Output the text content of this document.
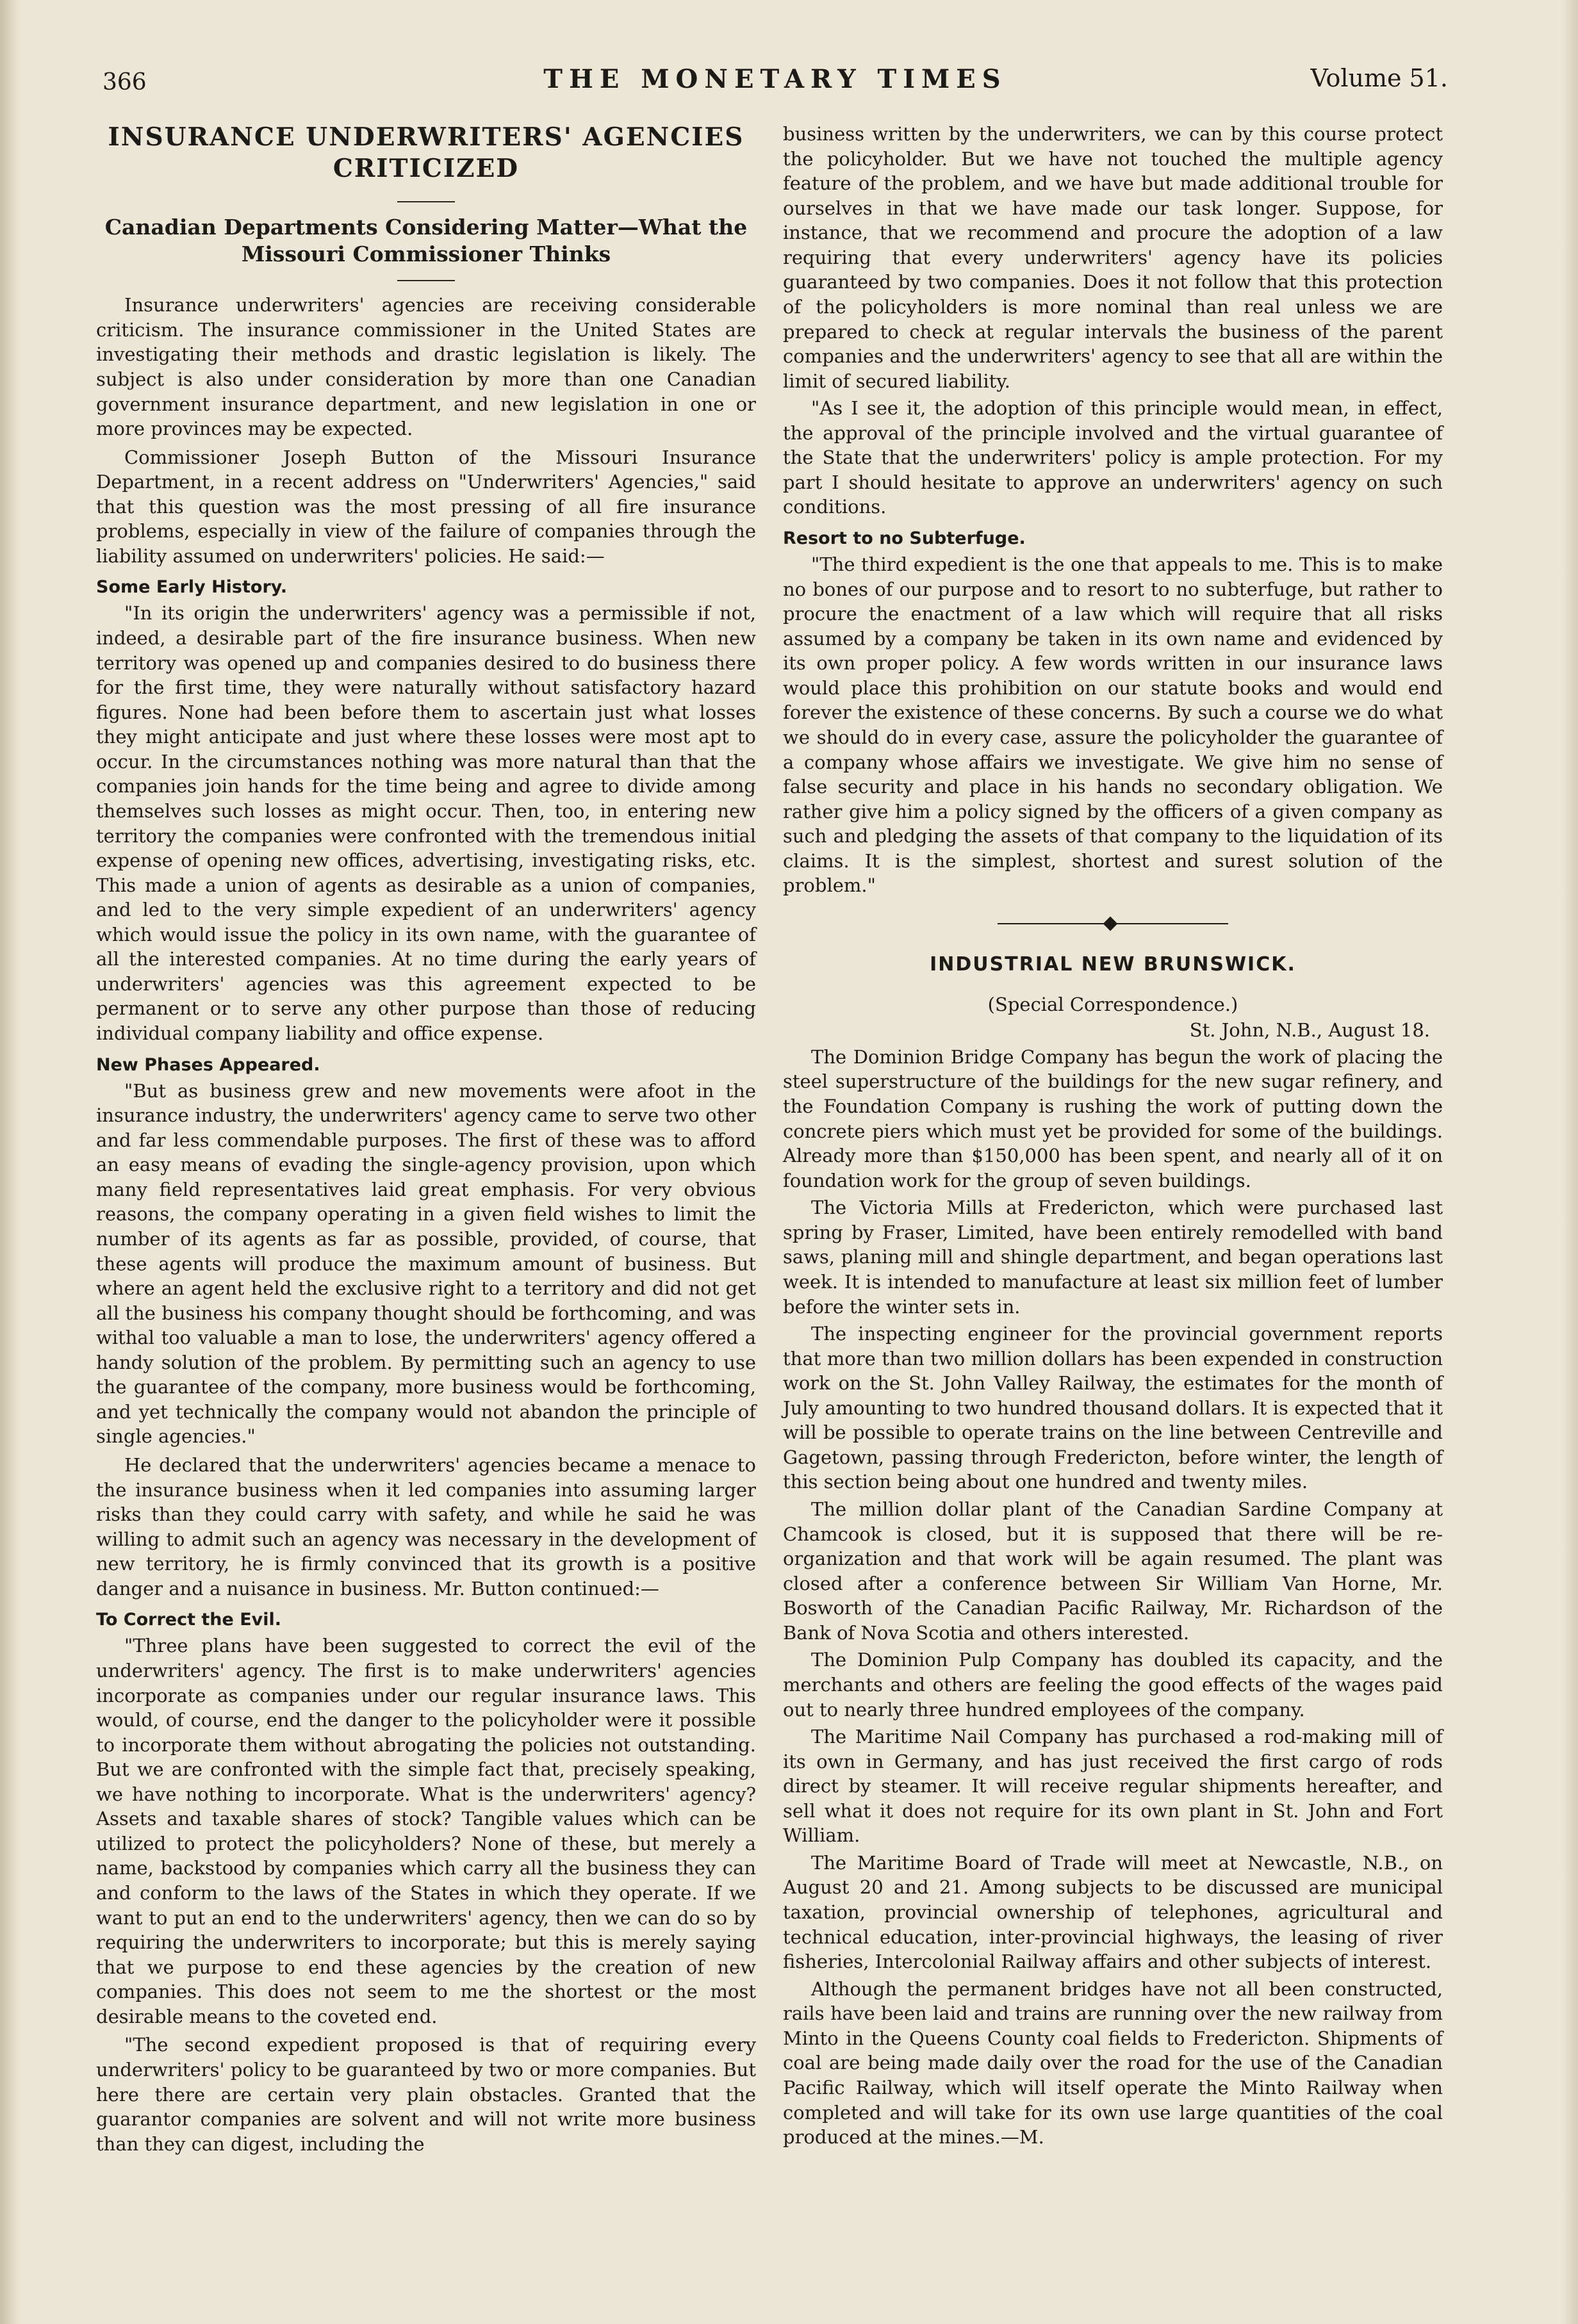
THE MONETARY TIMES
366	Volume 51.
INSURANCE UNDERWRITERS' AGENCIES CRITICIZED
Canadian Departments Considering Matter—What the Missouri Commissioner Thinks

Insurance underwriters' agencies are receiving considerable criticism. The insurance commissioner in the United States are investigating their methods and drastic legislation is likely. The subject is also under consideration by more than one Canadian government insurance department, and new legislation in one or more provinces may be expected.

Commissioner Joseph Button of the Missouri Insurance Department, in a recent address on "Underwriters' Agencies," said that this question was the most pressing of all fire insurance problems, especially in view of the failure of companies through the liability assumed on underwriters' policies. He said:—

Some Early History.

"In its origin the underwriters' agency was a permissible if not, indeed, a desirable part of the fire insurance business. When new territory was opened up and companies desired to do business there for the first time, they were naturally without satisfactory hazard figures. None had been before them to ascertain just what losses they might anticipate and just where these losses were most apt to occur. In the circumstances nothing was more natural than that the companies join hands for the time being and agree to divide among themselves such losses as might occur. Then, too, in entering new territory the companies were confronted with the tremendous initial expense of opening new offices, advertising, investigating risks, etc. This made a union of agents as desirable as a union of companies, and led to the very simple expedient of an underwriters' agency which would issue the policy in its own name, with the guarantee of all the interested companies. At no time during the early years of underwriters' agencies was this agreement expected to be permanent or to serve any other purpose than those of reducing individual company liability and office expense.

New Phases Appeared.

"But as business grew and new movements were afoot in the insurance industry, the underwriters' agency came to serve two other and far less commendable purposes. The first of these was to afford an easy means of evading the single-agency provision, upon which many field representatives laid great emphasis. For very obvious reasons, the company operating in a given field wishes to limit the number of its agents as far as possible, provided, of course, that these agents will produce the maximum amount of business. But where an agent held the exclusive right to a territory and did not get all the business his company thought should be forthcoming, and was withal too valuable a man to lose, the underwriters' agency offered a handy solution of the problem. By permitting such an agency to use the guarantee of the company, more business would be forthcoming, and yet technically the company would not abandon the principle of single agencies."

He declared that the underwriters' agencies became a menace to the insurance business when it led companies into assuming larger risks than they could carry with safety, and while he said he was willing to admit such an agency was necessary in the development of new territory, he is firmly convinced that its growth is a positive danger and a nuisance in business. Mr. Button continued:—

To Correct the Evil.

"Three plans have been suggested to correct the evil of the underwriters' agency. The first is to make underwriters' agencies incorporate as companies under our regular insurance laws. This would, of course, end the danger to the policyholder were it possible to incorporate them without abrogating the policies not outstanding. But we are confronted with the simple fact that, precisely speaking, we have nothing to incorporate. What is the underwriters' agency? Assets and taxable shares of stock? Tangible values which can be utilized to protect the policyholders? None of these, but merely a name, backstood by companies which carry all the business they can and conform to the laws of the States in which they operate. If we want to put an end to the underwriters' agency, then we can do so by requiring the underwriters to incorporate; but this is merely saying that we purpose to end these agencies by the creation of new companies. This does not seem to me the shortest or the most desirable means to the coveted end.

"The second expedient proposed is that of requiring every underwriters' policy to be guaranteed by two or more companies. But here there are certain very plain obstacles. Granted that the guarantor companies are solvent and will not write more business than they can digest, including the

business written by the underwriters, we can by this course protect the policyholder. But we have not touched the multiple agency feature of the problem, and we have but made additional trouble for ourselves in that we have made our task longer. Suppose, for instance, that we recommend and procure the adoption of a law requiring that every underwriters' agency have its policies guaranteed by two companies. Does it not follow that this protection of the policyholders is more nominal than real unless we are prepared to check at regular intervals the business of the parent companies and the underwriters' agency to see that all are within the limit of secured liability.

"As I see it, the adoption of this principle would mean, in effect, the approval of the principle involved and the virtual guarantee of the State that the underwriters' policy is ample protection. For my part I should hesitate to approve an underwriters' agency on such conditions.

Resort to no Subterfuge.

"The third expedient is the one that appeals to me. This is to make no bones of our purpose and to resort to no subterfuge, but rather to procure the enactment of a law which will require that all risks assumed by a company be taken in its own name and evidenced by its own proper policy. A few words written in our insurance laws would place this prohibition on our statute books and would end forever the existence of these concerns. By such a course we do what we should do in every case, assure the policyholder the guarantee of a company whose affairs we investigate. We give him no sense of false security and place in his hands no secondary obligation. We rather give him a policy signed by the officers of a given company as such and pledging the assets of that company to the liquidation of its claims. It is the simplest, shortest and surest solution of the problem."

INDUSTRIAL NEW BRUNSWICK.
(Special Correspondence.)
St. John, N.B., August 18.

The Dominion Bridge Company has begun the work of placing the steel superstructure of the buildings for the new sugar refinery, and the Foundation Company is rushing the work of putting down the concrete piers which must yet be provided for some of the buildings. Already more than $150,000 has been spent, and nearly all of it on foundation work for the group of seven buildings.

The Victoria Mills at Fredericton, which were purchased last spring by Fraser, Limited, have been entirely remodelled with band saws, planing mill and shingle department, and began operations last week. It is intended to manufacture at least six million feet of lumber before the winter sets in.

The inspecting engineer for the provincial government reports that more than two million dollars has been expended in construction work on the St. John Valley Railway, the estimates for the month of July amounting to two hundred thousand dollars. It is expected that it will be possible to operate trains on the line between Centreville and Gagetown, passing through Fredericton, before winter, the length of this section being about one hundred and twenty miles.

The million dollar plant of the Canadian Sardine Company at Chamcook is closed, but it is supposed that there will be re-organization and that work will be again resumed. The plant was closed after a conference between Sir William Van Horne, Mr. Bosworth of the Canadian Pacific Railway, Mr. Richardson of the Bank of Nova Scotia and others interested.

The Dominion Pulp Company has doubled its capacity, and the merchants and others are feeling the good effects of the wages paid out to nearly three hundred employees of the company.

The Maritime Nail Company has purchased a rod-making mill of its own in Germany, and has just received the first cargo of rods direct by steamer. It will receive regular shipments hereafter, and sell what it does not require for its own plant in St. John and Fort William.

The Maritime Board of Trade will meet at Newcastle, N.B., on August 20 and 21. Among subjects to be discussed are municipal taxation, provincial ownership of telephones, agricultural and technical education, inter-provincial highways, the leasing of river fisheries, Intercolonial Railway affairs and other subjects of interest.

Although the permanent bridges have not all been constructed, rails have been laid and trains are running over the new railway from Minto in the Queens County coal fields to Fredericton. Shipments of coal are being made daily over the road for the use of the Canadian Pacific Railway, which will itself operate the Minto Railway when completed and will take for its own use large quantities of the coal produced at the mines.—M.
